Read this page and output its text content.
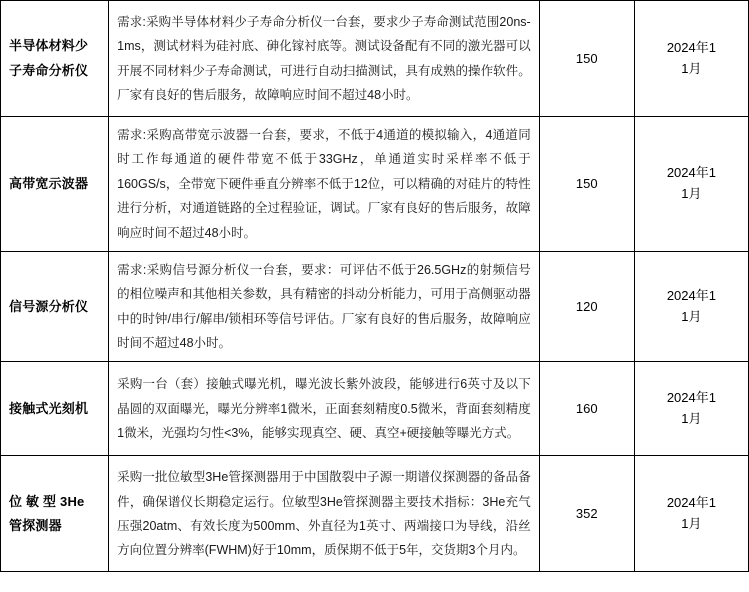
半导体材料少子寿命分析仪	需求:采购半导体材料少子寿命分析仪一台套，要求少子寿命测试范围20ns-1ms，测试材料为硅衬底、砷化镓衬底等。测试设备配有不同的激光器可以开展不同材料少子寿命测试，可进行自动扫描测试，具有成熟的操作软件。厂家有良好的售后服务，故障响应时间不超过48小时。	150	2024年1
1月

高带宽示波器	需求:采购高带宽示波器一台套，要求，不低于4通道的模拟输入，4通道同时工作每通道的硬件带宽不低于33GHz，单通道实时采样率不低于160GS/s，全带宽下硬件垂直分辨率不低于12位，可以精确的对硅片的特性进行分析，对通道链路的全过程验证，调试。厂家有良好的售后服务，故障响应时间不超过48小时。	150	2024年1
1月

信号源分析仪	需求:采购信号源分析仪一台套，要求：可评估不低于26.5GHz的射频信号的相位噪声和其他相关参数，具有精密的抖动分析能力，可用于高侧驱动器中的时钟/串行/解串/锁相环等信号评估。厂家有良好的售后服务，故障响应时间不超过48小时。	120	2024年1
1月

接触式光刻机	采购一台（套）接触式曝光机，曝光波长紫外波段，能够进行6英寸及以下晶圆的双面曝光，曝光分辨率1微米，正面套刻精度0.5微米，背面套刻精度1微米，光强均匀性<3%，能够实现真空、硬、真空+硬接触等曝光方式。	160	2024年1
1月

位 敏 型 3He 管探测器	采购一批位敏型3He管探测器用于中国散裂中子源一期谱仪探测器的备品备件，确保谱仪长期稳定运行。位敏型3He管探测器主要技术指标：3He充气压强20atm、有效长度为500mm、外直径为1英寸、两端接口为导线，沿丝方向位置分辨率(FWHM)好于10mm，质保期不低于5年，交货期3个月内。	352	2024年1
1月
